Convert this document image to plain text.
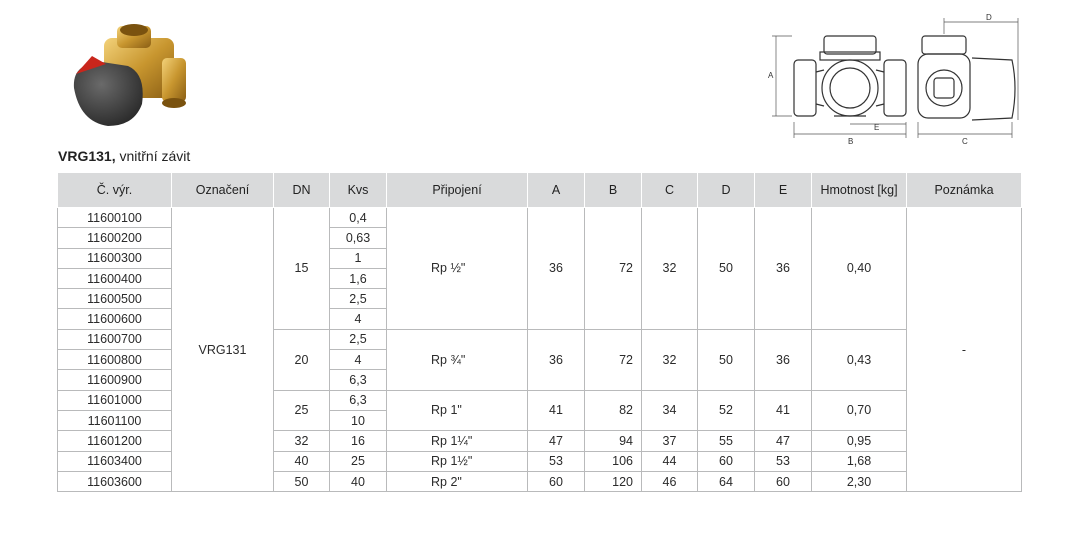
A
B	C
D
E
VRG131, vnitřní závit
Č. výr.	Označení	DN	Kvs	Připojení	A	B	C	D	E	Hmotnost [kg]	Poznámka
11600100	VRG131	15	0,4	Rp ½"	36	72	32	50	36	0,40	-
11600200			0,63								
11600300			1								
11600400			1,6								
11600500			2,5								
11600600			4								
11600700		20	2,5	Rp ¾"	36	72	32	50	36	0,43	
11600800			4								
11600900			6,3								
11601000		25	6,3	Rp 1"	41	82	34	52	41	0,70	
11601100			10								
11601200		32	16	Rp 1¼"	47	94	37	55	47	0,95	
11603400		40	25	Rp 1½"	53	106	44	60	53	1,68	
11603600		50	40	Rp 2"	60	120	46	64	60	2,30	
